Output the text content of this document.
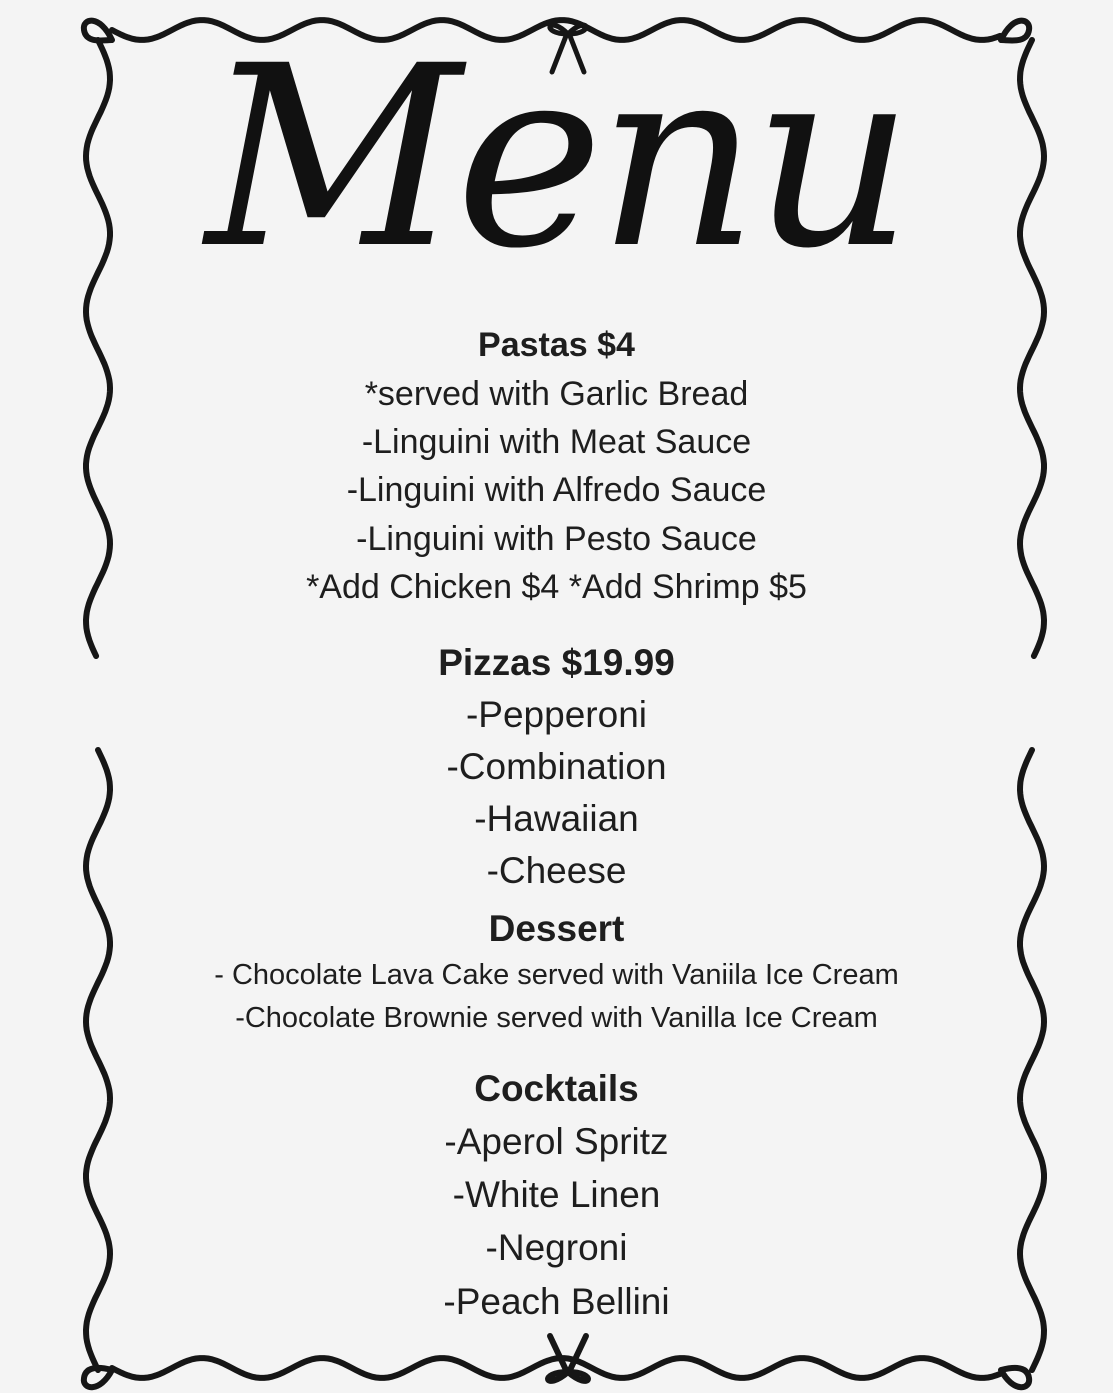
Menu
Pastas $4
*served with Garlic Bread
-Linguini with Meat Sauce
-Linguini with Alfredo Sauce
-Linguini with Pesto Sauce
*Add Chicken $4 *Add Shrimp $5
Pizzas $19.99
-Pepperoni
-Combination
-Hawaiian
-Cheese
Dessert
- Chocolate Lava Cake served with Vaniila Ice Cream
-Chocolate Brownie served with Vanilla Ice Cream
Cocktails
-Aperol Spritz
-White Linen
-Negroni
-Peach Bellini
